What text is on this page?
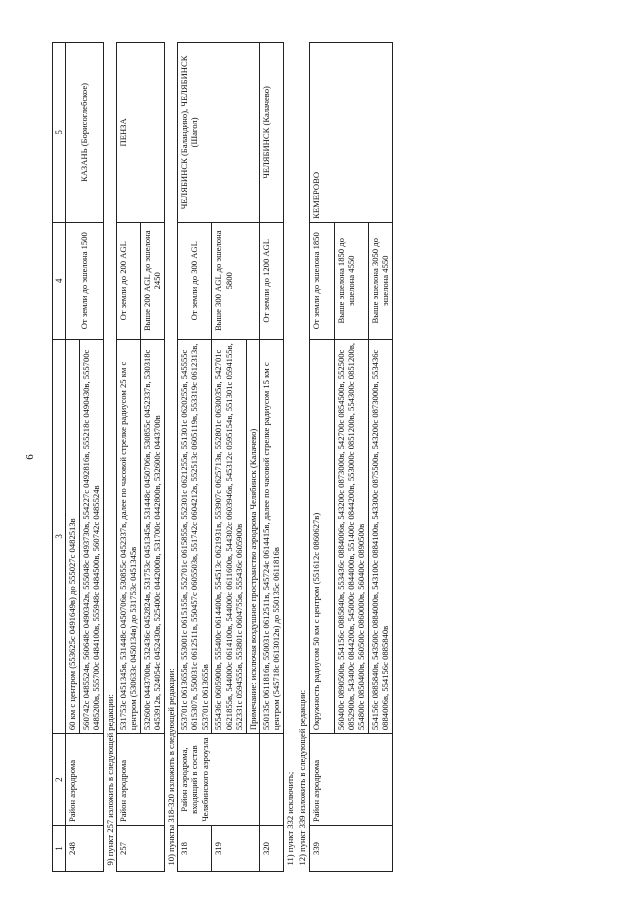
6
1	2	3	4	5
248	Район аэродрома	60 км с центром (553625с 0491649в) до 555027с 0482513в	От земли до эшелона 1500	КАЗАНЬ (Борисоглебское)
		560742с 0485524в, 560648с 0490342в, 555048с 0493730в, 554227с 0492816в, 555218с 0490430в, 555700с 0485200в, 555700с 0484100в, 555948с 0484500в, 560742с 0485524в		
9) пункт 257 изложить в следующей редакции:				
257	Район аэродрома	531753с 0451345в, 531448с 0450706в, 530855с 0452337в, далее по часовой стрелке радиусом 25 км с центром (530633с 0450134в) до 531753с 0451345в	От земли до 200 AGL	ПЕНЗА
		532600с 0443700в, 532436с 0452824в, 531753с 0451345в, 531448с 0450706в, 530855с 0452337в, 530318с 0453912в, 524054с 0452430в, 525400с 0442000в, 531700с 0442800в, 532600с 0443700в	Выше 200 AGL до эшелона 2450	
10) пункты 318-320 изложить в следующей редакции:				
318	Район аэродрома, входящий в состав Челябинского аэроузла	553701с 0613655в, 553001с 0615155в, 552701с 0615855в, 552301с 0621255в, 551301с 0620255в, 545555с 0615307в, 550031с 0612511в, 550457с 0605503в, 551742с 0604212в, 552513с 0605119в, 553319с 0612313в, 553701с 0613655в	От земли до 300 AGL	ЧЕЛЯБИНСК (Баландино), ЧЕЛЯБИНСК (Шагол)
319		555436с 0605900в, 555400с 0614400в, 554513с 0621931в, 553907с 0625713в, 552801с 0630035в, 542701с 0621855в, 544000с 0614100в, 544000с 0611600в, 544302с 0603946в, 545312с 0595154в, 551301с 0594155в, 552331с 0594555в, 553801с 0604755в, 555436с 0605900в	Выше 300 AGL до эшелона 5800	
		Примечание: исключая воздушное пространство аэродрома Челябинск (Калачево)		
320		550135с 0611816в, 550031с 0612511в, 545724с 0614415в, далее по часовой стрелке радиусом 15 км с центром (545718с 0613012в) до 550135с 0611816в	От земли до 1200 AGL	ЧЕЛЯБИНСК (Калачево)
11) пункт 332 исключить;				
12) пункт 339 изложить в следующей редакции:				
339	Район аэродрома	Окружность радиусом 50 км с центром (551612с 0860627в)	От земли до эшелона 1850	КЕМЕРОВО
		560400с 0890500в, 554156с 0885840в, 553436с 0884006в, 543200с 0873000в, 542700с 0854500в, 552500с 0852900в, 543400с 0844200в, 545000с 0844000в, 551400с 0844200в, 553000с 0851200в, 554300с 0851200в, 554800с 0850400в, 560500с 0860000в, 560400с 0890500в	Выше эшелона 1850 до эшелона 4550	
		554156с 0885840в, 543500с 0884000в, 543100с 0884100в, 543300с 0875500в, 543200с 0873000в, 553436с 0884006в, 554156с 0885840в	Выше эшелона 3050 до эшелона 4550	
